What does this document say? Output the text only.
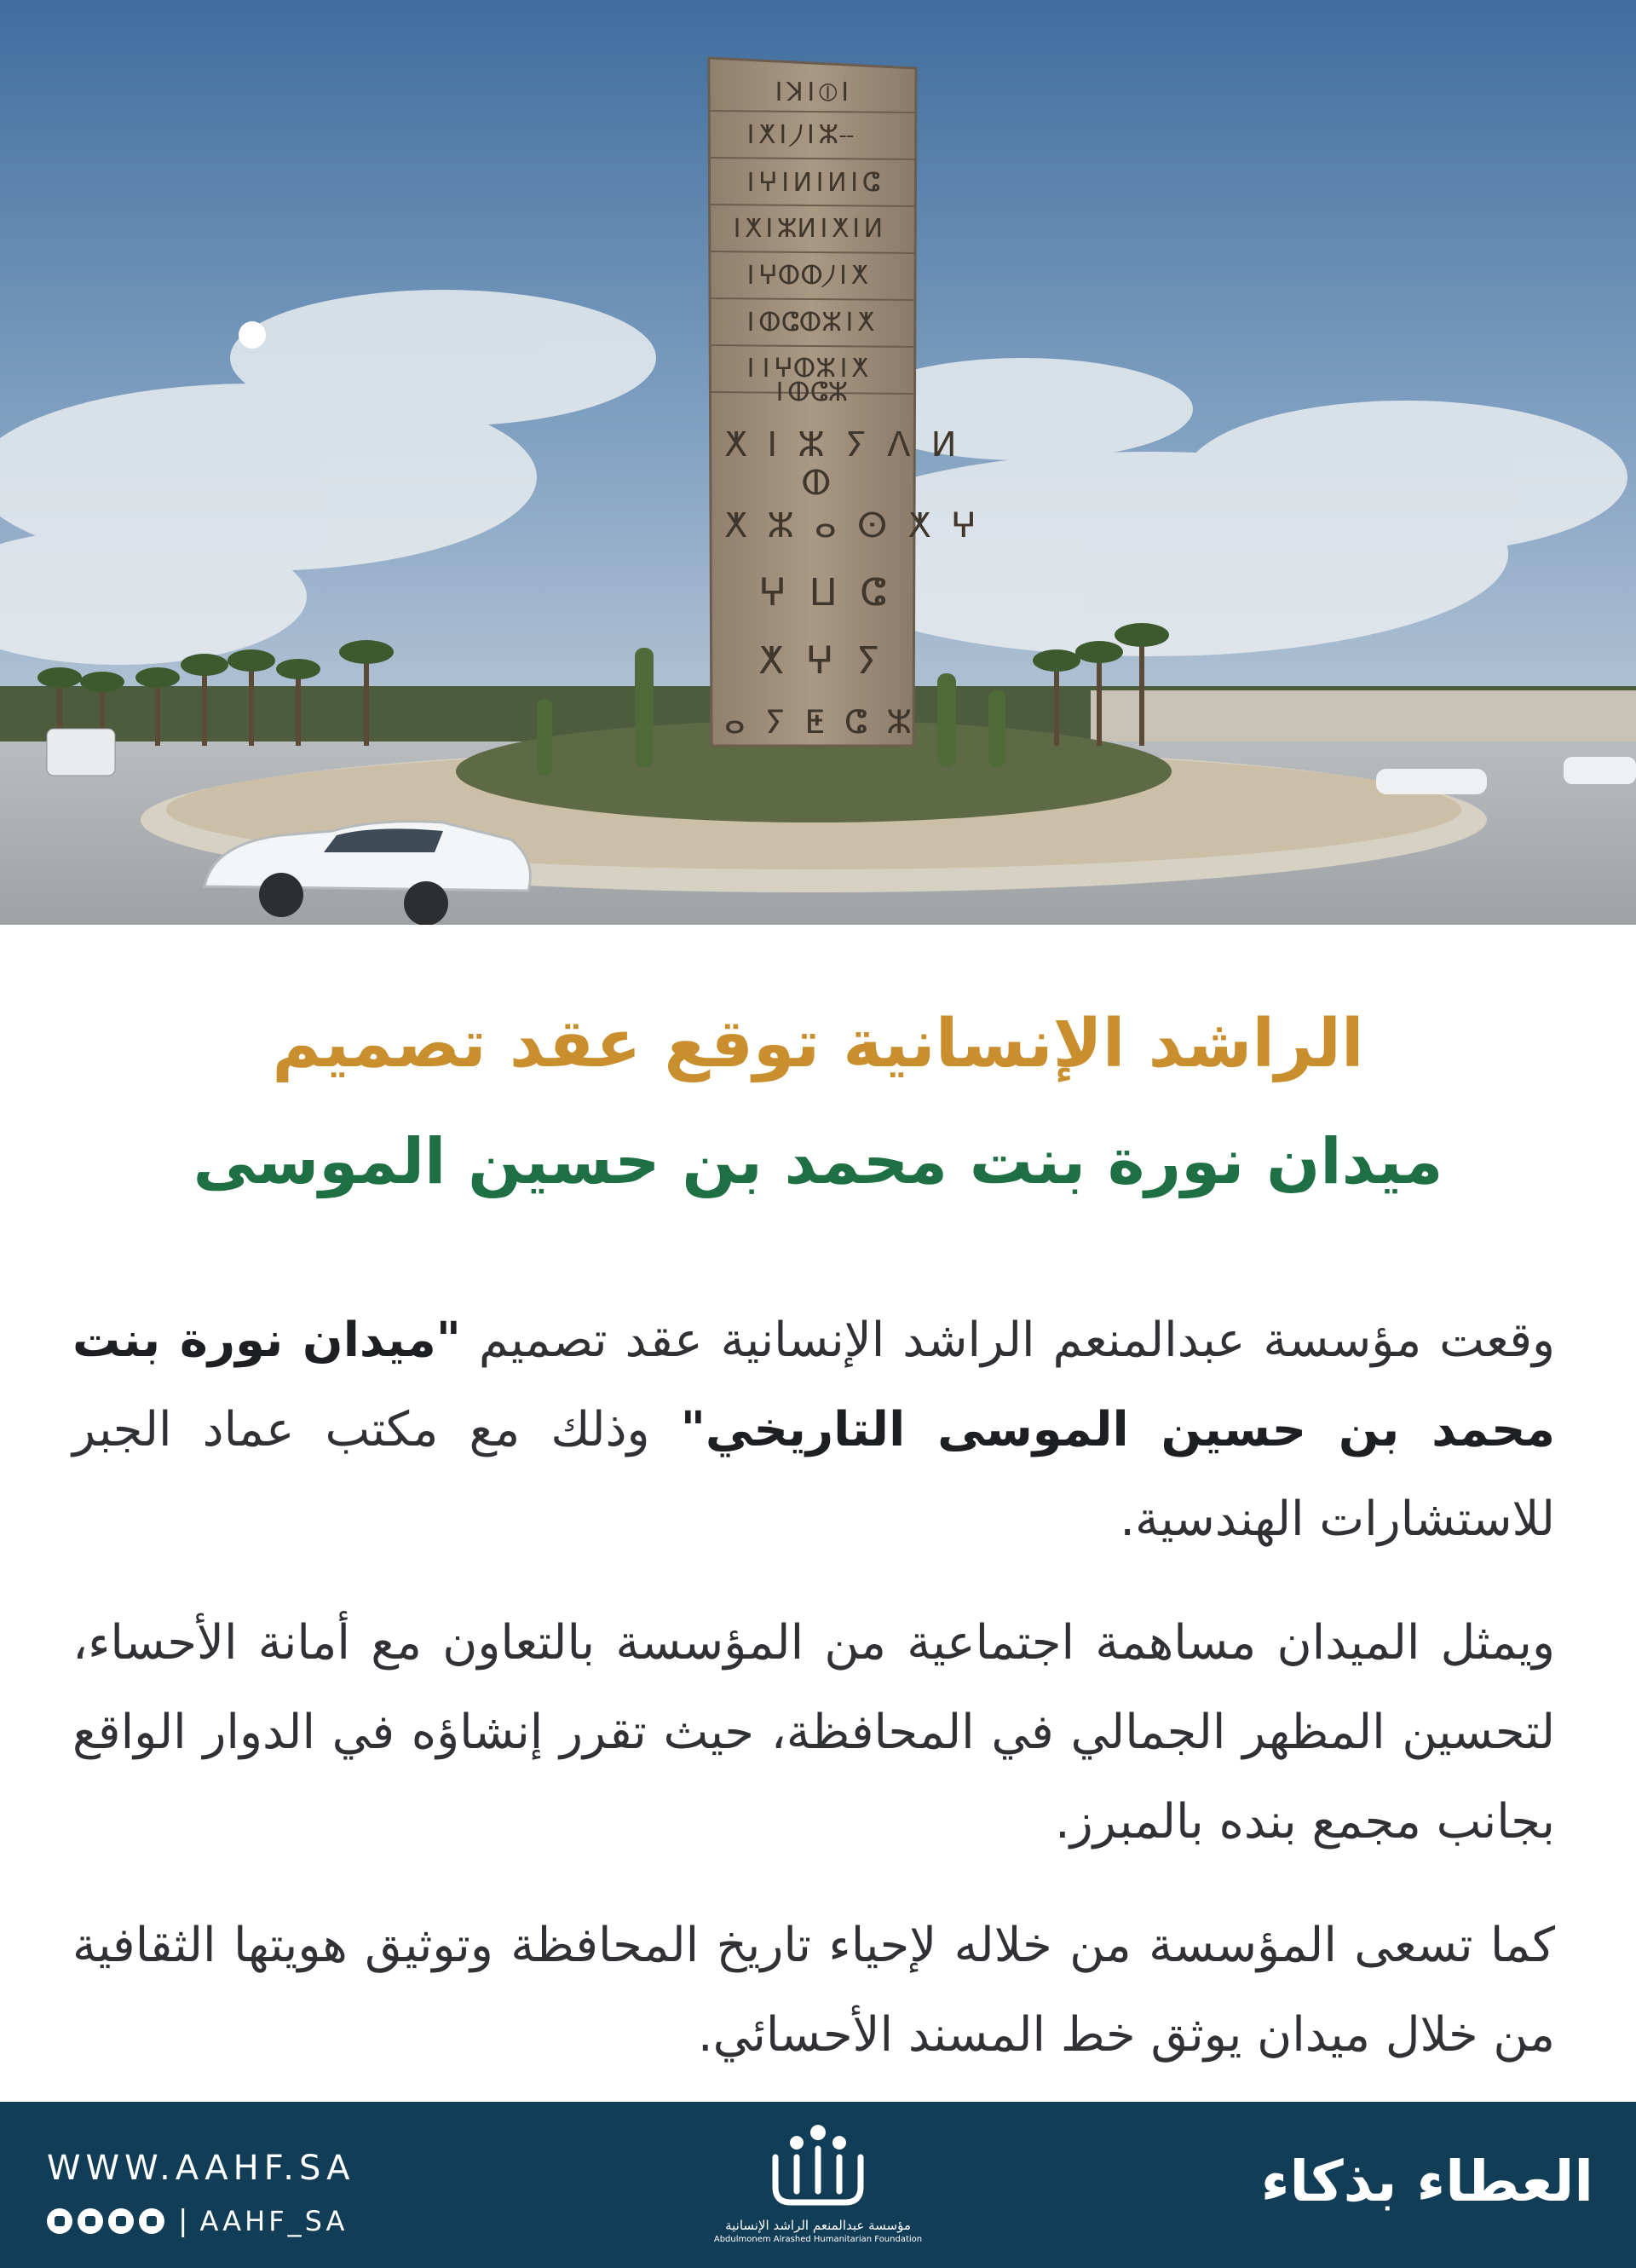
ǀꓘǀ⦶ǀ
ǀⵅǀ⵰ǀⵣⵧ
ǀⵖǀⵍǀⵍǀⵛ
ǀⵅǀⵣⵍǀⵅǀⵍ
ǀⵖⵀⵀ⵰ǀⵅ
ǀⵀⵛⵀⵣǀⵅ
ǀǀⵖⵀⵣǀⵅ
ǀⵀⵛⵣ
ⵅ ⵏ ⵣ ⵢ ⴷ ⵍ
ⵀ
ⵅ ⵣ ⴰ ⵙ ⵅ ⵖ
ⵖ ⵡ ⵛ
ⵅ ⵖ ⵢ
ⴰ ⵢ ⵟ ⵛ ⵣ
الراشد الإنسانية توقع عقد تصميم
ميدان نورة بنت محمد بن حسين الموسى

وقعت مؤسسة عبدالمنعم الراشد الإنسانية عقد تصميم "ميدان نورة بنت محمد بن حسين الموسى التاريخي" وذلك مع مكتب عماد الجبر للاستشارات الهندسية.

ويمثل الميدان مساهمة اجتماعية من المؤسسة بالتعاون مع أمانة الأحساء، لتحسين المظهر الجمالي في المحافظة، حيث تقرر إنشاؤه في الدوار الواقع بجانب مجمع بنده بالمبرز.

كما تسعى المؤسسة من خلاله لإحياء تاريخ المحافظة وتوثيق هويتها الثقافية من خلال ميدان يوثق خط المسند الأحسائي.

WWW.AAHF.SA
| AAHF_SA	مؤسسة عبدالمنعم الراشد الإنسانية
Abdulmonem Alrashed Humanitarian Foundation
العطاء بذكاء
